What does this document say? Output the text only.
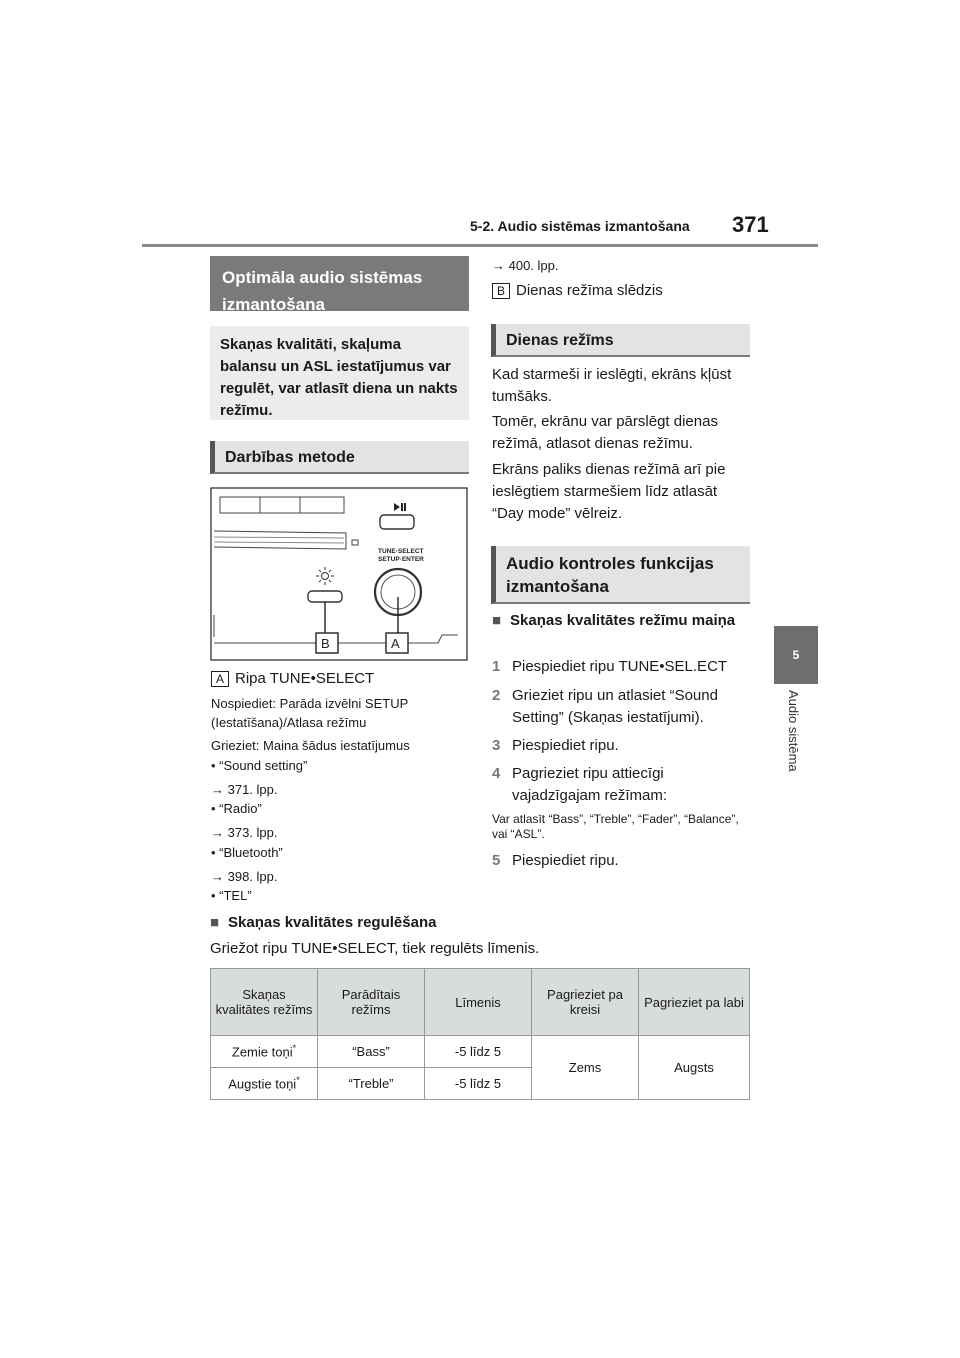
5-2. Audio sistēmas izmantošana 371
5
Audio sistēma
Optimāla audio sistēmas izmantošana
Skaņas kvalitāti, skaļuma balansu un ASL iestatījumus var regulēt, var atlasīt diena un nakts režīmu.
Darbības metode
TUNE·SELECT
SETUP·ENTER
B	A
A Ripa TUNE•SELECT
Nospiediet: Parāda izvēlni SETUP (Iestatīšana)/Atlasa režīmu
Grieziet: Maina šādus iestatījumus
• “Sound setting”
→ 371. lpp.
• “Radio”
→ 373. lpp.
• “Bluetooth”
→ 398. lpp.
• “TEL”
→ 400. lpp.
B Dienas režīma slēdzis
Dienas režīms
Kad starmeši ir ieslēgti, ekrāns kļūst tumšāks.
Tomēr, ekrānu var pārslēgt dienas režīmā, atlasot dienas režīmu.
Ekrāns paliks dienas režīmā arī pie ieslēgtiem starmešiem līdz atlasāt “Day mode” vēlreiz.
Audio kontroles funkcijas izmantošana
■ Skaņas kvalitātes režīmu maiņa
1 Piespiediet ripu TUNE•SEL.ECT
2 Grieziet ripu un atlasiet “Sound Setting” (Skaņas iestatījumi).
3 Piespiediet ripu.
4 Pagrieziet ripu attiecīgi vajadzīgajam režīmam:
Var atlasīt “Bass”, “Treble”, “Fader”, “Balance”, vai “ASL”.
5 Piespiediet ripu.
■ Skaņas kvalitātes regulēšana
Griežot ripu TUNE•SELECT, tiek regulēts līmenis.
Skaņas kvalitātes režīms	Parādītais režīms	Līmenis	Pagrieziet pa kreisi	Pagrieziet pa labi
Zemie toņi*	“Bass”	-5 līdz 5	Zems	Augsts
Augstie toņi*	“Treble”	-5 līdz 5		
